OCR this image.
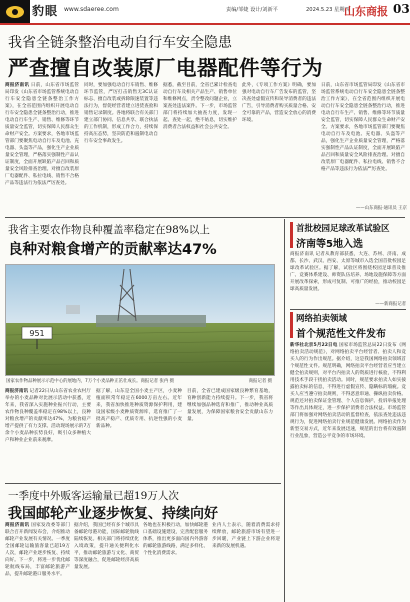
豹眼 www.sdaeree.com	责编/邹婕 设计/刘新平	2024.5.23 星期四
山东商报 03
我省全链条整治电动自行车安全隐患
严查擅自改装原厂电器配件等行为
商报济南讯 日前，山东省市场监管局印发《山东省市场监管系统电动自行车安全隐患全链条整治工作方案》，在全省范围内组织开展电动自行车安全隐患全链条整治行动，推进电动自行车生产、销售、维修等环节质量安全监管，切实保障人民群众生命财产安全。方案要求，各地市场监管部门要聚焦电动自行车及电池、充电器、头盔等产品，强化生产企业质量安全管理，严格落实强制性产品认证制度，全面开展缺陷产品召回和质量安全风险排查治理。对擅自改装原厂电器配件、私拉电线、销售不合格产品等违法行为依法严厉查处。
同时，要加强电动自行车销售、维修环节监管，严厉打击销售无3C认证标志、擅自改装或拆除限速装置等违法行为，督促经营者建立进货查验和销售记录制度。各地将联合有关部门建立部门协同、信息共享、联合执法的工作机制，形成工作合力，持续保持高压态势，坚决防范和遏制电动自行车安全事故发生。
据悉，截至目前，全省已累计检查电动自行车及相关产品生产、销售单位和维修网点，责令整改问题企业，立案查处违法案件。下一步，市场监管部门将持续加大抽查力度，发现一起、查处一起，绝不姑息，切实维护消费者合法权益和社会公共安全。
此外，《专项工作方案》明确，要加强对电动自行车广告发布的监管，坚决查处虚假宣传和误导消费者的违法广告，引导消费者购买质量合格、安全可靠的产品，营造安全放心的消费环境。
日前，山东省市场监管局印发《山东省市场监管系统电动自行车安全隐患全链条整治工作方案》，在全省范围内组织开展电动自行车安全隐患全链条整治行动，推进电动自行车生产、销售、维修等环节质量安全监管，切实保障人民群众生命财产安全。方案要求，各地市场监管部门要聚焦电动自行车及电池、充电器、头盔等产品，强化生产企业质量安全管理，严格落实强制性产品认证制度，全面开展缺陷产品召回和质量安全风险排查治理。对擅自改装原厂电器配件、私拉电线、销售不合格产品等违法行为依法严厉查处。
——山东商报·通讯员 王京
我省主要农作物良种覆盖率稳定在98%以上
良种对粮食增产的贡献率达47%
951
国家农作物品种展示示范中心的展地内，7万个小麦品种正茁壮成长。商报记者 张冉 摄	商报记者 摄
商报济南讯 记者22日从山东省农业农村厅举办的小麦品种对比展示活动中获悉，近年来，我省深入实施种业振兴行动，主要农作物良种覆盖率稳定在98%以上，良种对粮食增产的贡献率达47%，为粮食稳产增产提供了有力支撑。活动现场展示的7万余个小麦品种长势良好，吸引众多种植大户和种业企业前来观摩。
据了解，山东是全国小麦主产区，小麦种植面积常年稳定在6000万亩左右。近年来，我省加快推进种质资源保护利用，建设国家级小麦种质资源库，选育推广了一批高产稳产、优质专用、抗逆性强的小麦新品种。
目前，全省已建成国家级良种繁育基地，育种创新能力持续提升。下一步，我省将继续加强品种选育和推广，推动种业高质量发展，为保障国家粮食安全贡献山东力量。
首批校园足球改革试验区
济南等5地入选
商报济南讯 记者从教育部获悉，大连、苏州、济南、成都、长沙、武汉、西安、太原等城市入选全国首批校园足球改革试验区。据了解，试验区将围绕校园足球普及推广、竞赛体系建设、师资队伍培养、场地设施保障等方面开展改革探索，形成可复制、可推广的经验，推动校园足球高质量发展。
——新商报记者
网络拍卖领域
首个规范性文件发布
新华社北京5月22日电 国家市场监管总局22日发布《网络拍卖活动规范》，对网络拍卖平台经营者、拍卖人和竞买人的行为作出规范。据介绍，这是我国网络拍卖领域首个规范性文件。规范明确，网络拍卖平台经营者应当建立健全拍卖规则，对平台内拍卖人的资质进行核验，不得利用技术手段干扰拍卖活动。同时，规范要求拍卖人如实披露拍卖标的信息，不得进行虚假宣传、隐瞒标的瑕疵。竞买人应当遵守拍卖规则，不得恶意串通、操纵拍卖价格。规范还对拍卖保证金管理、个人信息保护、投诉举报处理等作出具体规定，进一步保护消费者合法权益。市场监管部门将加强对网络拍卖活动的监督检查，依法查处违法违规行为，促进网络拍卖行业规范健康发展。网络拍卖作为新型交易方式，近年来发展迅速，规范的出台将有效遏制行业乱象，营造公平竞争的市场环境。
一季度中外贩客运输量已超19万人次
我国邮轮产业逐步恢复、持续向好
商报济南讯 国家发改委等部门联合召开新闻发布会，介绍推动邮轮产业发展有关情况。一季度全国邮轮运输旅客量已超19万人次，邮轮产业逐步恢复、持续向好。下一步，将进一步优化邮轮航线布局，丰富邮轮旅游产品，提升邮轮港口服务水平。
据介绍，我国已经有多个城市具备邮轮母港功能，国际邮轮航线陆续恢复。相关部门将持续优化入境政策，提升通关便利化水平，推动邮轮旅游与文化、商贸等深度融合，促进邮轮经济高质量发展。
各地也在积极行动，加快邮轮港口基础设施建设，完善配套服务体系，推出更多面向国内外游客的邮轮旅游线路，满足多样化、个性化消费需求。
业内人士表示，随着消费需求持续释放，邮轮旅游市场有望进一步回暖，产业链上下游企业将迎来新的发展机遇。
